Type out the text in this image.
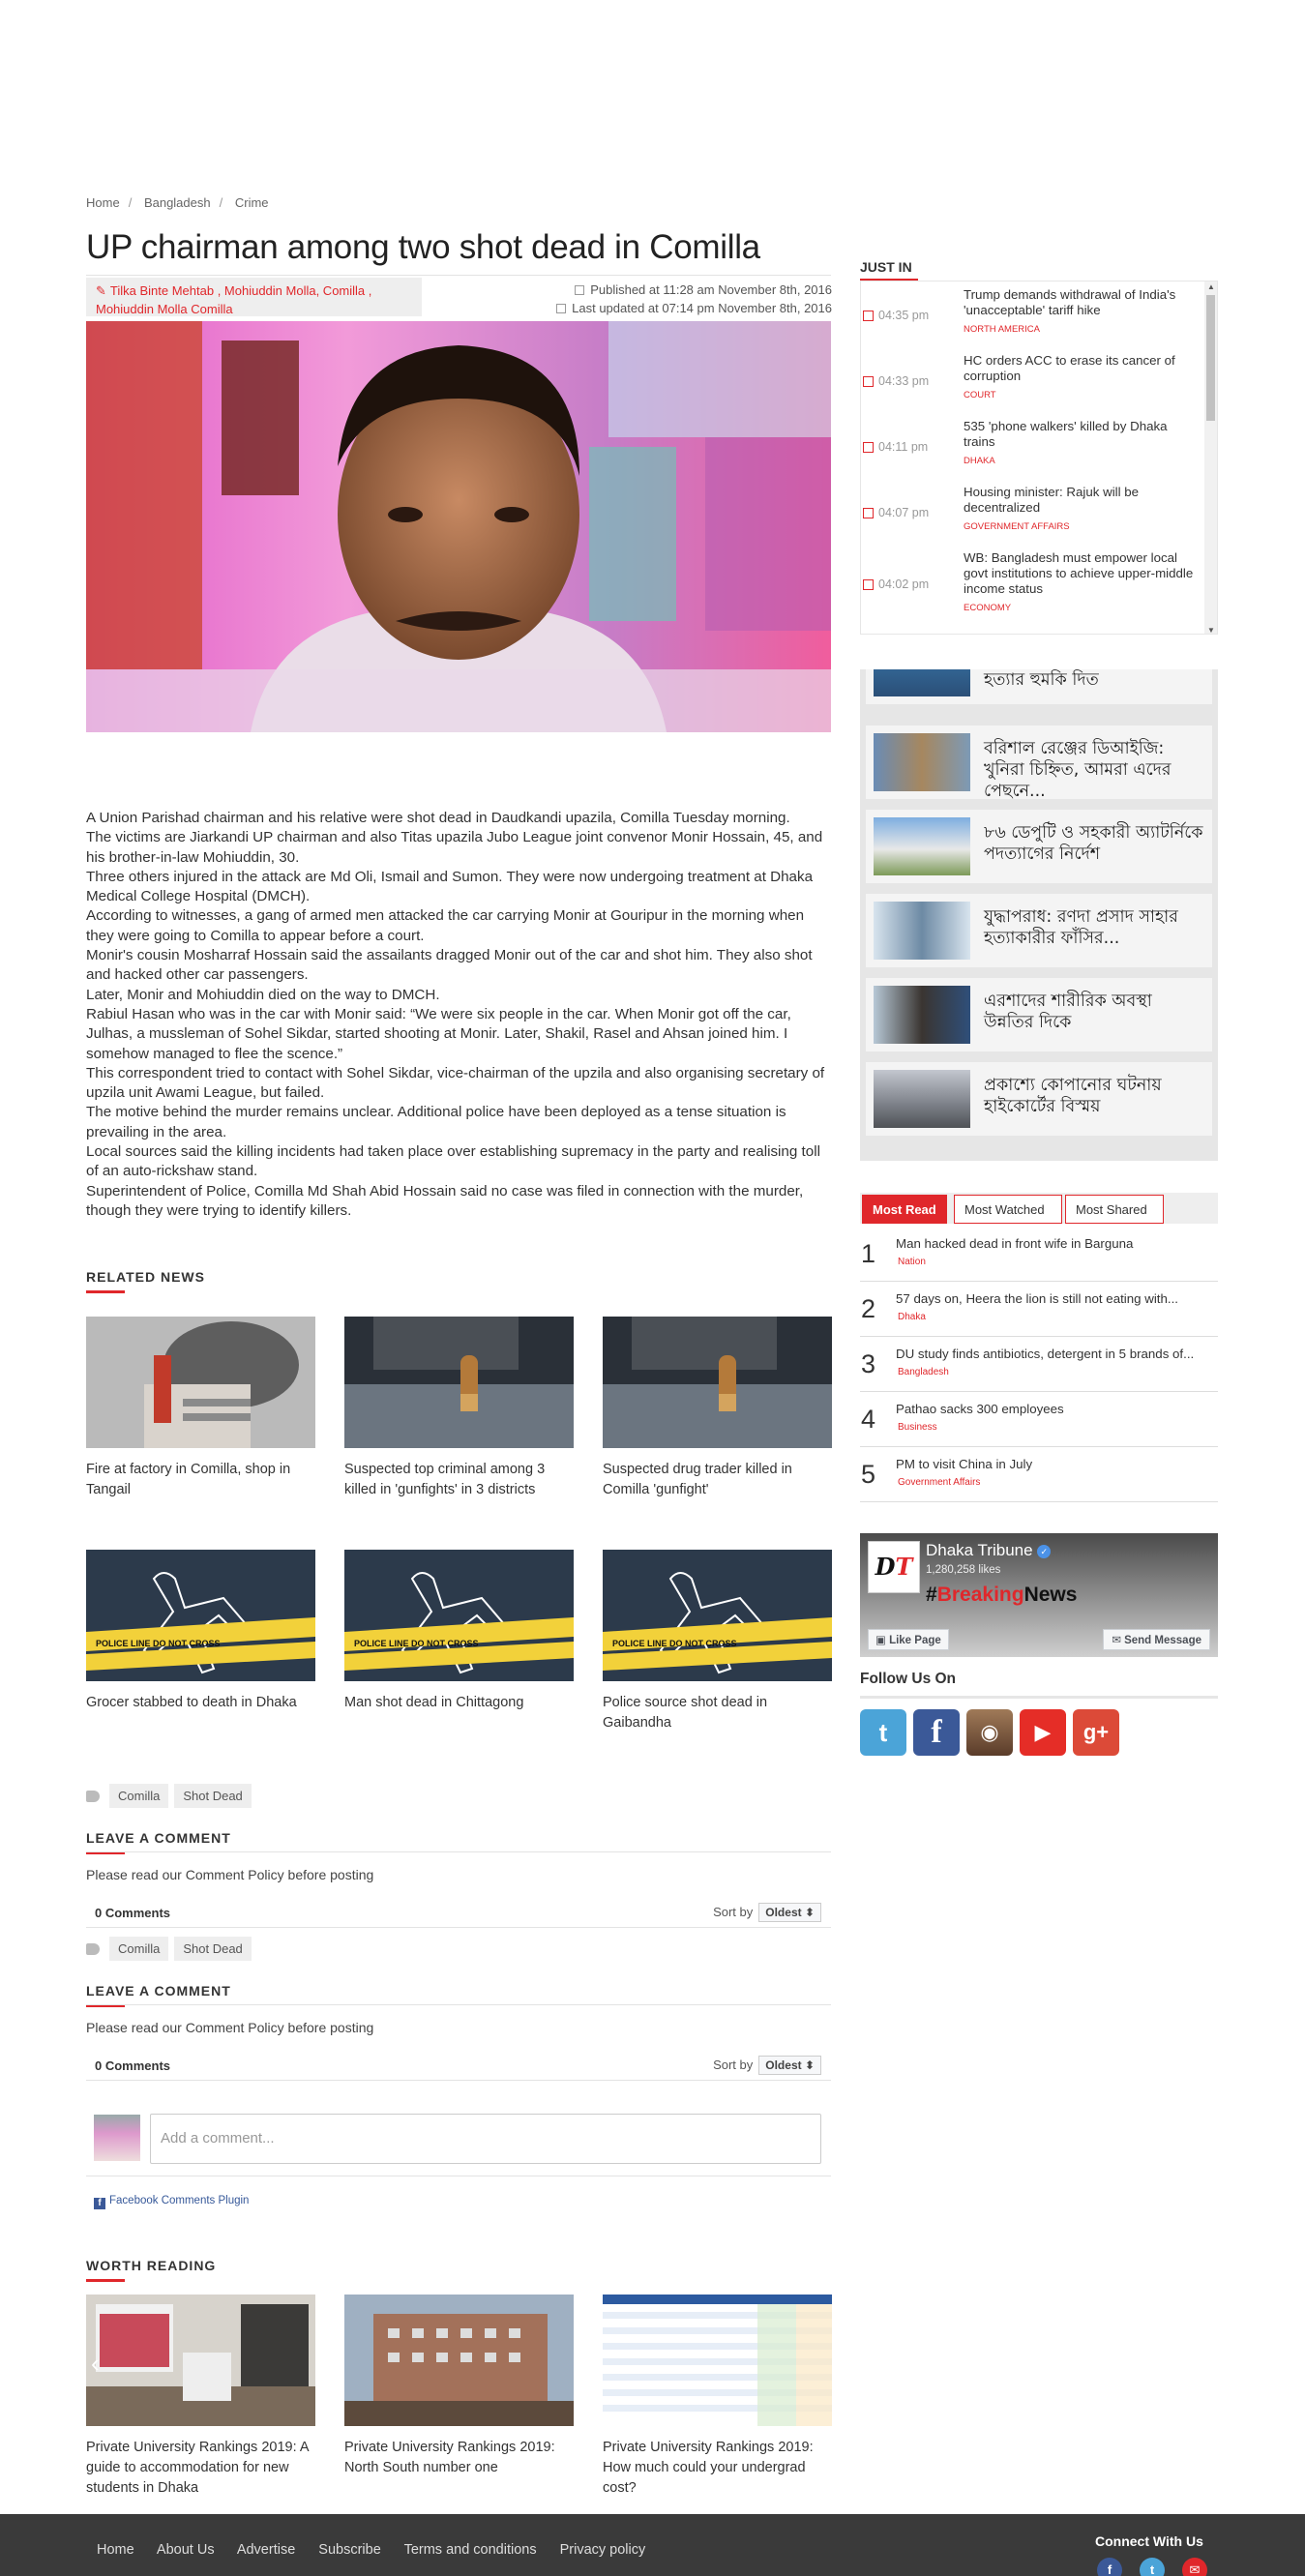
Home / Bangladesh / Crime
UP chairman among two shot dead in Comilla
✎ Tilka Binte Mehtab , Mohiuddin Molla, Comilla ,
Mohiuddin Molla Comilla
Published at 11:28 am November 8th, 2016
Last updated at 07:14 pm November 8th, 2016

A Union Parishad chairman and his relative were shot dead in Daudkandi upazila, Comilla Tuesday morning.

The victims are Jiarkandi UP chairman and also Titas upazila Jubo League joint convenor Monir Hossain, 45, and his brother-in-law Mohiuddin, 30.

Three others injured in the attack are Md Oli, Ismail and Sumon. They were now undergoing treatment at Dhaka Medical College Hospital (DMCH).

According to witnesses, a gang of armed men attacked the car carrying Monir at Gouripur in the morning when they were going to Comilla to appear before a court.

Monir's cousin Mosharraf Hossain said the assailants dragged Monir out of the car and shot him. They also shot and hacked other car passengers.

Later, Monir and Mohiuddin died on the way to DMCH.

Rabiul Hasan who was in the car with Monir said: “We were six people in the car. When Monir got off the car, Julhas, a mussleman of Sohel Sikdar, started shooting at Monir. Later, Shakil, Rasel and Ahsan joined him. I somehow managed to flee the scence.”

This correspondent tried to contact with Sohel Sikdar, vice-chairman of the upzila and also organising secretary of upzila unit Awami League, but failed.

The motive behind the murder remains unclear. Additional police have been deployed as a tense situation is prevailing in the area.

Local sources said the killing incidents had taken place over establishing supremacy in the party and realising toll of an auto-rickshaw stand.

Superintendent of Police, Comilla Md Shah Abid Hossain said no case was filed in connection with the murder, though they were trying to identify killers.

RELATED NEWS
Fire at factory in Comilla, shop in Tangail
Suspected top criminal among 3 killed in 'gunfights' in 3 districts
Suspected drug trader killed in Comilla 'gunfight'
POLICE LINE DO NOT CROSS
Grocer stabbed to death in Dhaka
POLICE LINE DO NOT CROSS
Man shot dead in Chittagong
POLICE LINE DO NOT CROSS
Police source shot dead in Gaibandha
Comilla Shot Dead
LEAVE A COMMENT
Please read our Comment Policy before posting
0 Comments	Sort by Oldest ⬍
Comilla Shot Dead
LEAVE A COMMENT
Please read our Comment Policy before posting
0 Comments	Sort by Oldest ⬍
Add a comment...
f Facebook Comments Plugin
WORTH READING
Private University Rankings 2019: A guide to accommodation for new students in Dhaka
‹
Private University Rankings 2019: North South number one
Private University Rankings 2019: How much could your undergrad cost?
JUST IN
04:35 pm
Trump demands withdrawal of India's 'unacceptable' tariff hike
NORTH AMERICA
04:33 pm
HC orders ACC to erase its cancer of corruption
COURT
04:11 pm
535 'phone walkers' killed by Dhaka trains
DHAKA
04:07 pm
Housing minister: Rajuk will be decentralized
GOVERNMENT AFFAIRS
04:02 pm
WB: Bangladesh must empower local govt institutions to achieve upper-middle income status
ECONOMY
▲
▼
হত্যার হুমকি দিত
বরিশাল রেঞ্জের ডিআইজি: খুনিরা চিহ্নিত, আমরা এদের পেছনে...
৮৬ ডেপুটি ও সহকারী অ্যাটর্নিকে পদত্যাগের নির্দেশ
যুদ্ধাপরাধ: রণদা প্রসাদ সাহার হত্যাকারীর ফাঁসির...
এরশাদের শারীরিক অবস্থা উন্নতির দিকে
প্রকাশ্যে কোপানোর ঘটনায় হাইকোর্টের বিস্ময়
Most Read	Most Watched	Most Shared
1 Man hacked dead in front wife in Barguna
Nation
2 57 days on, Heera the lion is still not eating with...
Dhaka
3 DU study finds antibiotics, detergent in 5 brands of...
Bangladesh
4 Pathao sacks 300 employees
Business
5 PM to visit China in July
Government Affairs
DT
Dhaka Tribune ✓
1,280,258 likes
#BreakingNews
▣ Like Page	✉ Send Message
Follow Us On
t	f	◉	▶	g+
Home About Us Advertise Subscribe Terms and conditions Privacy policy
Connect With Us
f	t	✉
